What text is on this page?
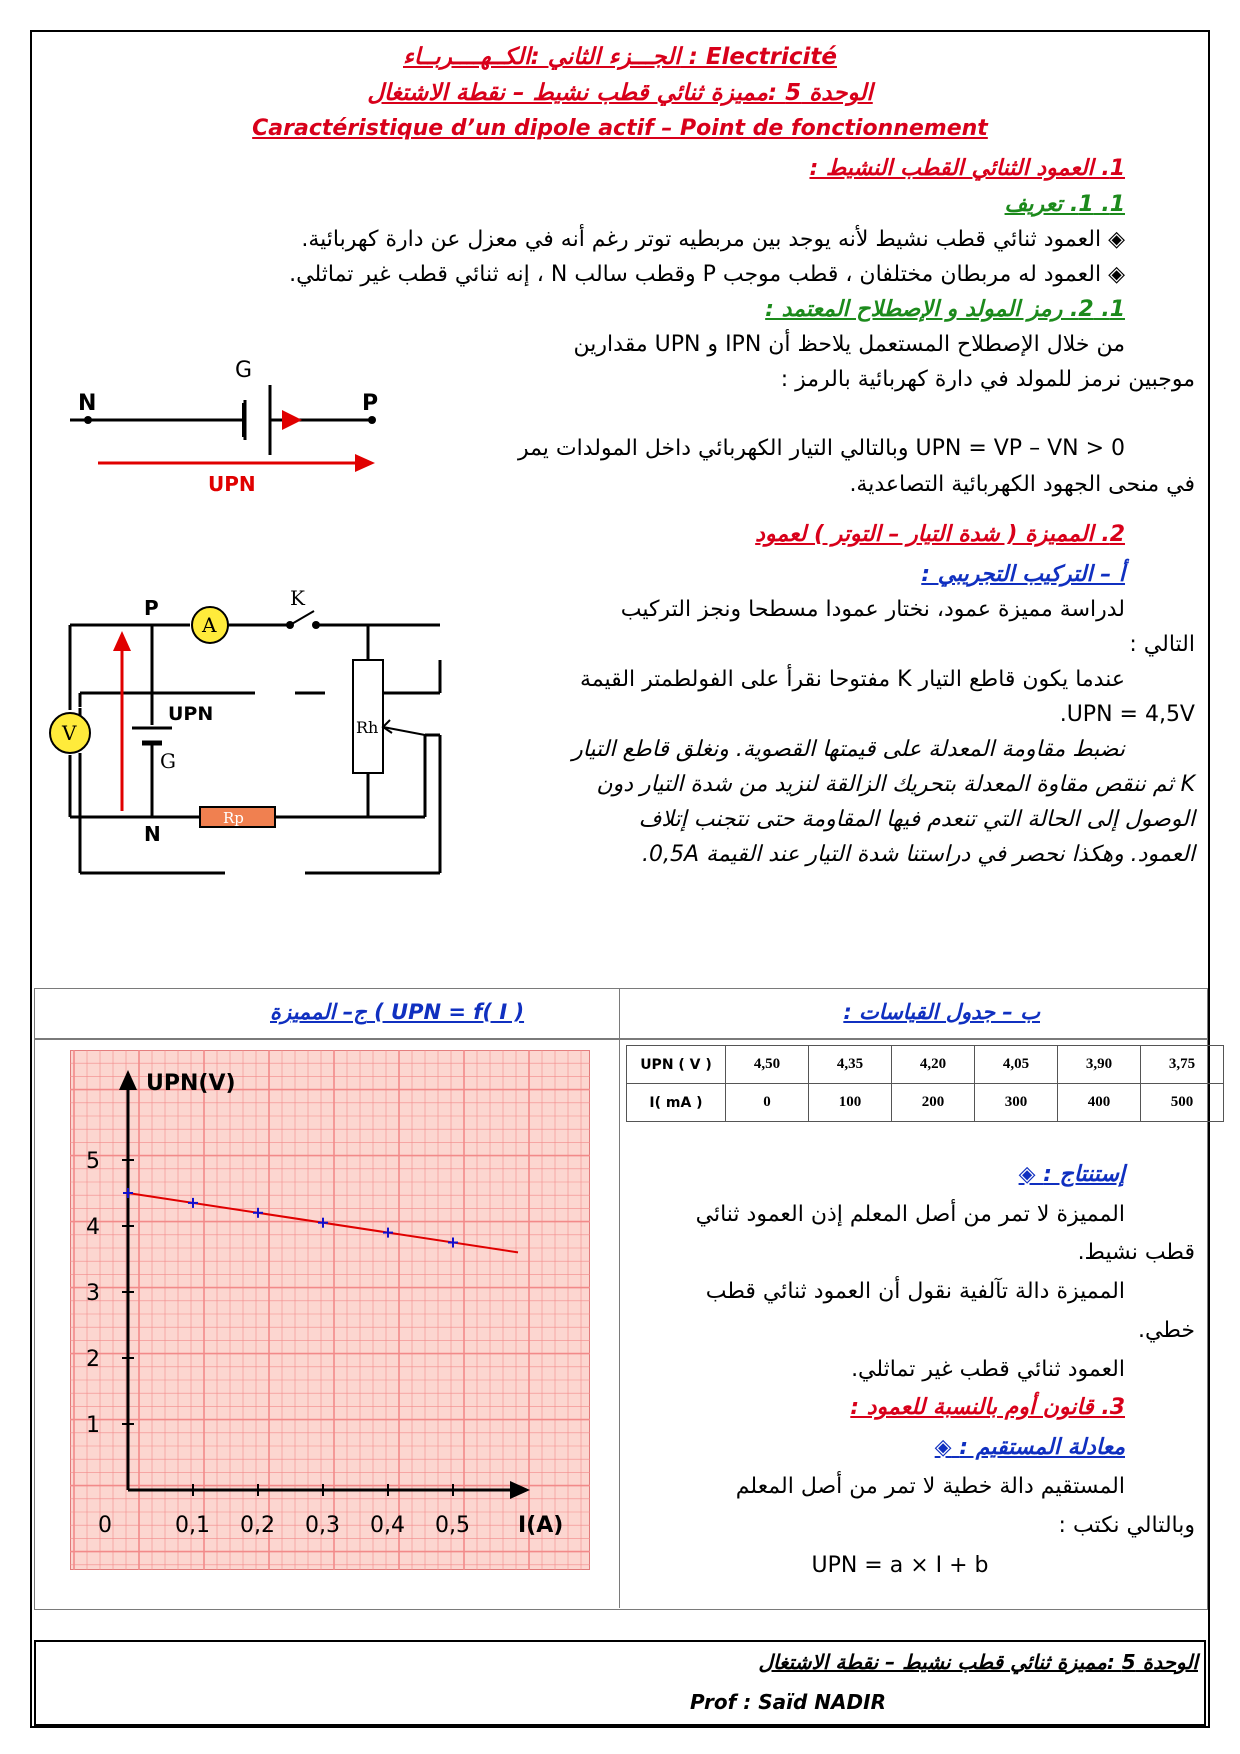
الجـــزء الثاني :الكــهــــربــاء : Electricité
الوحدة 5 :مميزة ثنائي قطب نشيط – نقطة الاشتغال
Caractéristique d’un dipole actif – Point de fonctionnement
1. العمود الثنائي القطب النشيط :
1. 1. تعريف
◈ العمود ثنائي قطب نشيط لأنه يوجد بين مربطيه توتر رغم أنه في معزل عن دارة كهربائية.
◈ العمود له مربطان مختلفان ، قطب موجب P وقطب سالب N ، إنه ثنائي قطب غير تماثلي.
1. 2. رمز المولد و الإصطلاح المعتمد :
من خلال الإصطلاح المستعمل يلاحظ أن IPN و UPN مقدارين
موجبين نرمز للمولد في دارة كهربائية بالرمز :
UPN = VP – VN > 0 وبالتالي التيار الكهربائي داخل المولدات يمر
في منحى الجهود الكهربائية التصاعدية.
G
N	P
UPN
2. المميزة ( شدة التيار – التوتر ) لعمود
أ – التركيب التجريبي :
لدراسة مميزة عمود، نختار عمودا مسطحا ونجز التركيب
التالي :
عندما يكون قاطع التيار K مفتوحا نقرأ على الفولطمتر القيمة
UPN = 4,5V.
نضبط مقاومة المعدلة على قيمتها القصوية. ونغلق قاطع التيار
K ثم ننقص مقاوة المعدلة بتحريك الزالقة لنزيد من شدة التيار دون
الوصول إلى الحالة التي تنعدم فيها المقاومة حتى نتجنب إتلاف
العمود. وهكذا نحصر في دراستنا شدة التيار عند القيمة 0,5A.
A
K
V
Rp
Rh
G
UPN
P
N
ب – جدول القياسات :
ج– المميزة ( UPN = f( I )
UPN ( V )	4,50	4,35	4,20	4,05	3,90	3,75
I( mA )	0	100	200	300	400	500
إستنتاج : ◈
المميزة لا تمر من أصل المعلم إذن العمود ثنائي
قطب نشيط.
المميزة دالة تآلفية نقول أن العمود ثنائي قطب
خطي.
العمود ثنائي قطب غير تماثلي.
3. قانون أوم بالنسبة للعمود :
معادلة المستقيم : ◈
المستقيم دالة خطية لا تمر من أصل المعلم
وبالتالي نكتب :
UPN = a × I + b
UPN(V)
I(A)
0	0,1 0,2 0,3 0,4 0,5
1
2
3
4
5
الوحدة 5 :مميزة ثنائي قطب نشيط – نقطة الاشتغال
Prof : Saïd NADIR
